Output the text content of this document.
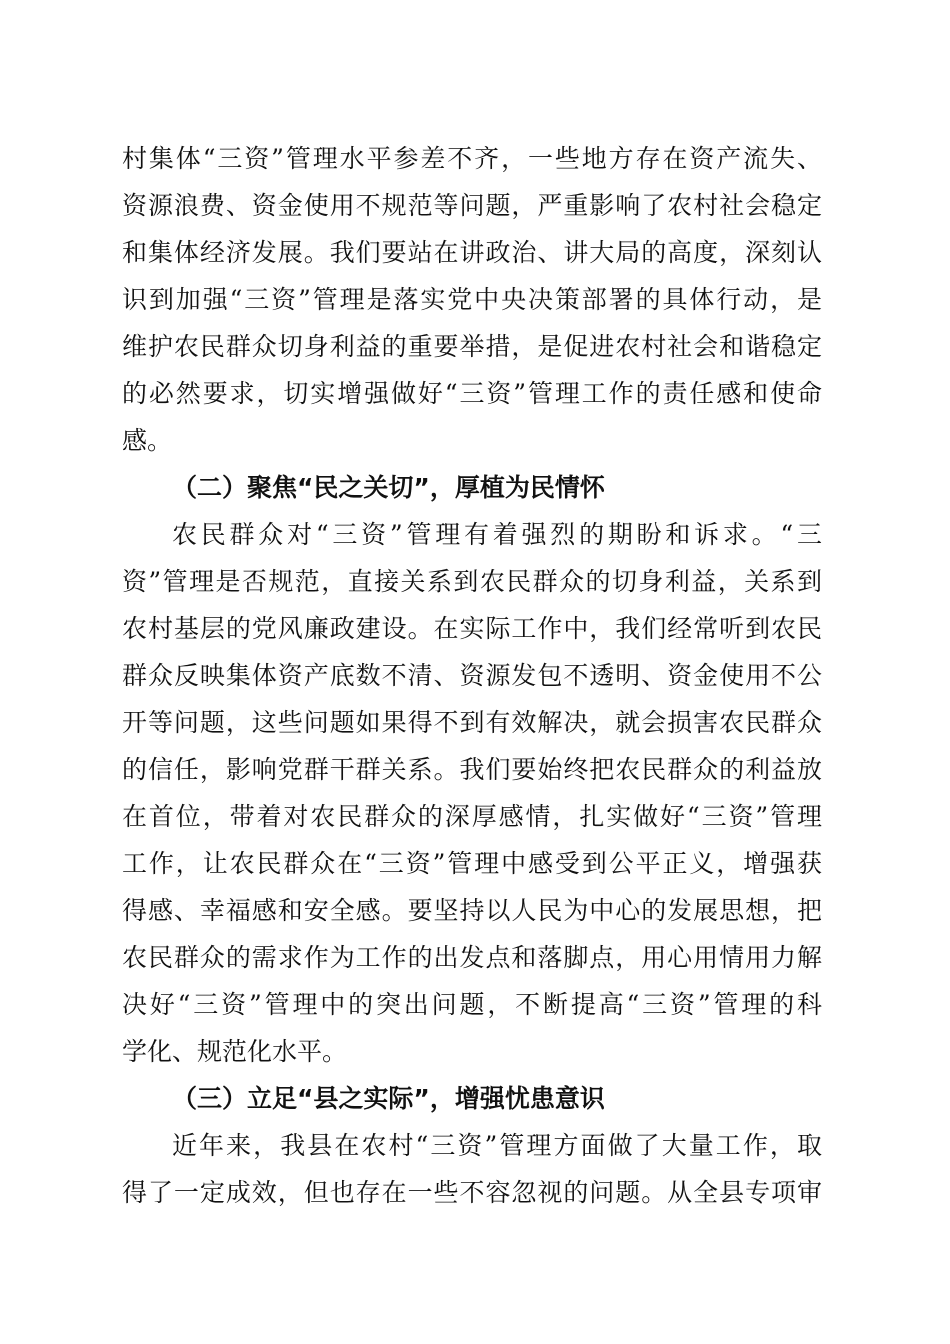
村集体“三资”管理水平参差不齐，一些地方存在资产流失、
资源浪费、资金使用不规范等问题，严重影响了农村社会稳定
和集体经济发展。我们要站在讲政治、讲大局的高度，深刻认
识到加强“三资”管理是落实党中央决策部署的具体行动，是
维护农民群众切身利益的重要举措，是促进农村社会和谐稳定
的必然要求，切实增强做好“三资”管理工作的责任感和使命
感。
（二）聚焦“民之关切”，厚植为民情怀
农民群众对“三资”管理有着强烈的期盼和诉求。“三
资”管理是否规范，直接关系到农民群众的切身利益，关系到
农村基层的党风廉政建设。在实际工作中，我们经常听到农民
群众反映集体资产底数不清、资源发包不透明、资金使用不公
开等问题，这些问题如果得不到有效解决，就会损害农民群众
的信任，影响党群干群关系。我们要始终把农民群众的利益放
在首位，带着对农民群众的深厚感情，扎实做好“三资”管理
工作，让农民群众在“三资”管理中感受到公平正义，增强获
得感、幸福感和安全感。要坚持以人民为中心的发展思想，把
农民群众的需求作为工作的出发点和落脚点，用心用情用力解
决好“三资”管理中的突出问题，不断提高“三资”管理的科
学化、规范化水平。
（三）立足“县之实际”，增强忧患意识
近年来，我县在农村“三资”管理方面做了大量工作，取
得了一定成效，但也存在一些不容忽视的问题。从全县专项审
